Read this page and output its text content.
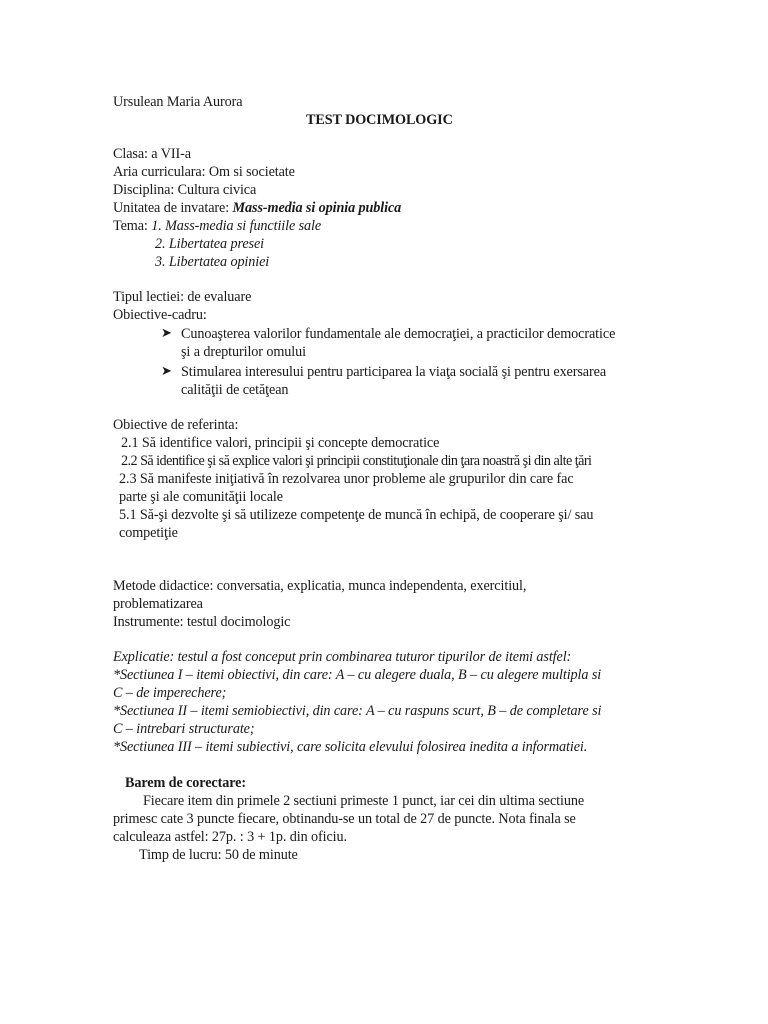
Ursulean Maria Aurora
TEST DOCIMOLOGIC
Clasa: a VII-a
Aria curriculara: Om si societate
Disciplina: Cultura civica
Unitatea de invatare: Mass-media si opinia publica
Tema: 1. Mass-media si functiile sale
2. Libertatea presei
3. Libertatea opiniei
Tipul lectiei: de evaluare
Obiective-cadru:
➤ Cunoaşterea valorilor fundamentale ale democraţiei, a practicilor democratice
şi a drepturilor omului
➤ Stimularea interesului pentru participarea la viaţa socială şi pentru exersarea
calităţii de cetăţean
Obiective de referinta:
2.1 Să identifice valori, principii şi concepte democratice
2.2 Să identifice şi să explice valori şi principii constituţionale din ţara noastră şi din alte ţări
2.3 Să manifeste iniţiativă în rezolvarea unor probleme ale grupurilor din care fac
parte şi ale comunităţii locale
5.1 Să-şi dezvolte şi să utilizeze competenţe de muncă în echipă, de cooperare şi/ sau
competiţie
Metode didactice: conversatia, explicatia, munca independenta, exercitiul,
problematizarea
Instrumente: testul docimologic
Explicatie: testul a fost conceput prin combinarea tuturor tipurilor de itemi astfel:
*Sectiunea I – itemi obiectivi, din care: A – cu alegere duala, B – cu alegere multipla si
C – de imperechere;
*Sectiunea II – itemi semiobiectivi, din care: A – cu raspuns scurt, B – de completare si
C – intrebari structurate;
*Sectiunea III – itemi subiectivi, care solicita elevului folosirea inedita a informatiei.
Barem de corectare:
Fiecare item din primele 2 sectiuni primeste 1 punct, iar cei din ultima sectiune
primesc cate 3 puncte fiecare, obtinandu-se un total de 27 de puncte. Nota finala se
calculeaza astfel: 27p. : 3 + 1p. din oficiu.
Timp de lucru: 50 de minute
